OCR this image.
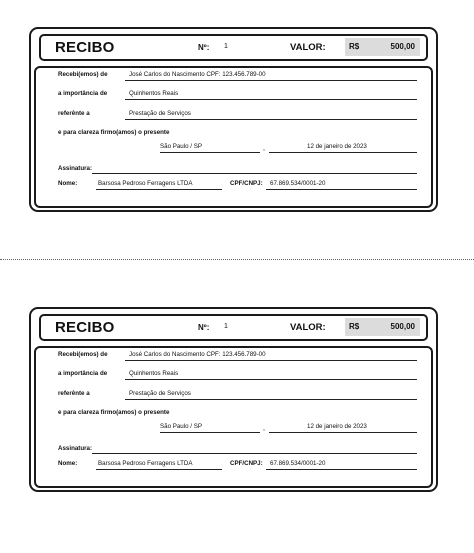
RECIBO	Nº: 1	VALOR:	R$	500,00
Recebi(emos) de	José Carlos do Nascimento CPF: 123.456.789-00
a importância de	Quinhentos Reais
referênte a	Prestação de Serviços
e para clareza firmo(amos) o presente
São Paulo / SP	,	12 de janeiro de 2023
Assinatura:
Nome:	Barsosa Pedroso Ferragens LTDA	CPF/CNPJ: 67.869.534/0001-20
RECIBO	Nº: 1	VALOR:	R$	500,00
Recebi(emos) de	José Carlos do Nascimento CPF: 123.456.789-00
a importância de	Quinhentos Reais
referênte a	Prestação de Serviços
e para clareza firmo(amos) o presente
São Paulo / SP	,	12 de janeiro de 2023
Assinatura:
Nome:	Barsosa Pedroso Ferragens LTDA	CPF/CNPJ: 67.869.534/0001-20
